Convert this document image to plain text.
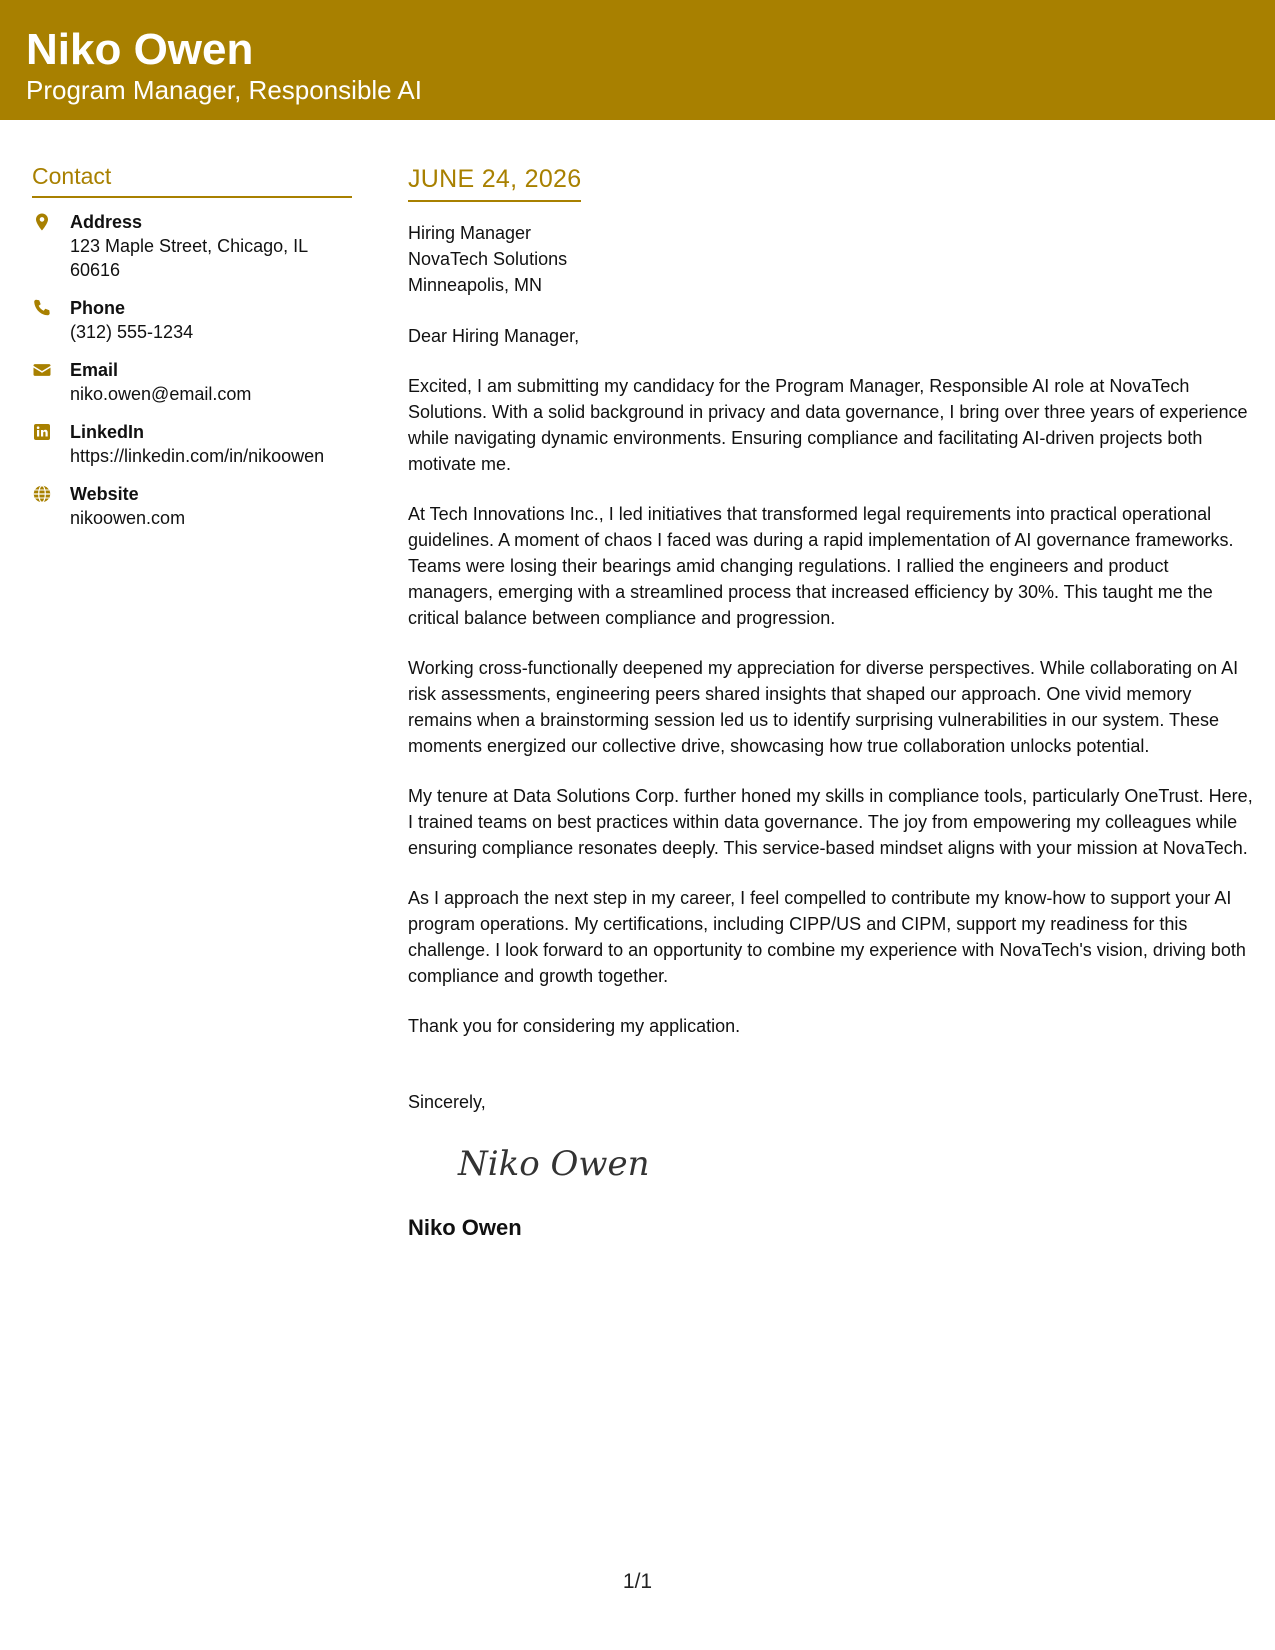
Niko Owen
Program Manager, Responsible AI
Contact
Address
123 Maple Street, Chicago, IL 60616
Phone
(312) 555-1234
Email
niko.owen@email.com
LinkedIn
https://linkedin.com/in/nikoowen
Website
nikoowen.com
JUNE 24, 2026
Hiring Manager
NovaTech Solutions
Minneapolis, MN
Dear Hiring Manager,

Excited, I am submitting my candidacy for the Program Manager, Responsible AI role at NovaTech Solutions. With a solid background in privacy and data governance, I bring over three years of experience while navigating dynamic environments. Ensuring compliance and facilitating AI-driven projects both motivate me.

At Tech Innovations Inc., I led initiatives that transformed legal requirements into practical operational guidelines. A moment of chaos I faced was during a rapid implementation of AI governance frameworks. Teams were losing their bearings amid changing regulations. I rallied the engineers and product managers, emerging with a streamlined process that increased efficiency by 30%. This taught me the critical balance between compliance and progression.

Working cross-functionally deepened my appreciation for diverse perspectives. While collaborating on AI risk assessments, engineering peers shared insights that shaped our approach. One vivid memory remains when a brainstorming session led us to identify surprising vulnerabilities in our system. These moments energized our collective drive, showcasing how true collaboration unlocks potential.

My tenure at Data Solutions Corp. further honed my skills in compliance tools, particularly OneTrust. Here, I trained teams on best practices within data governance. The joy from empowering my colleagues while ensuring compliance resonates deeply. This service-based mindset aligns with your mission at NovaTech.

As I approach the next step in my career, I feel compelled to contribute my know-how to support your AI program operations. My certifications, including CIPP/US and CIPM, support my readiness for this challenge. I look forward to an opportunity to combine my experience with NovaTech's vision, driving both compliance and growth together.

Thank you for considering my application.

Sincerely,
Niko Owen
Niko Owen
1/1
